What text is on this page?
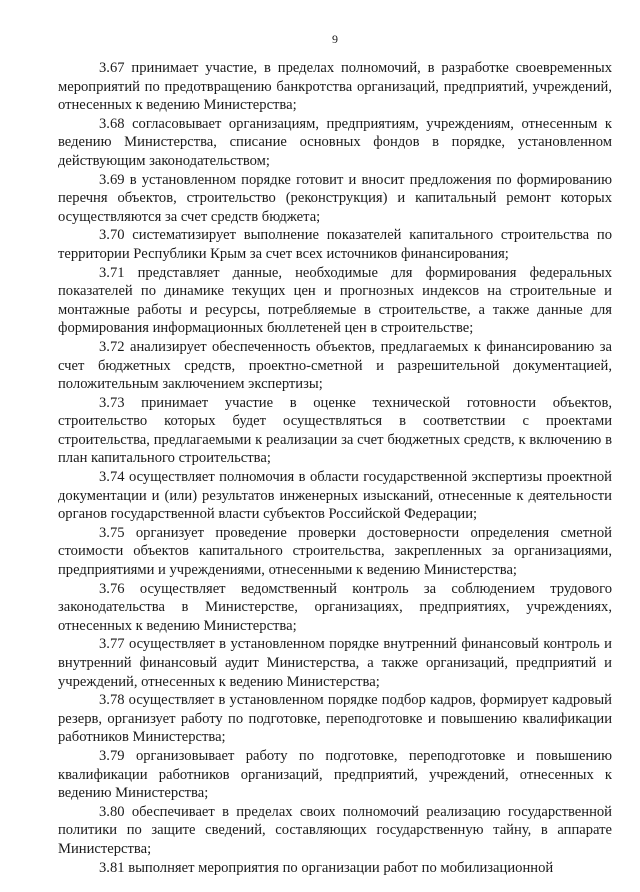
9

3.67 принимает участие, в пределах полномочий, в разработке своевременных мероприятий по предотвращению банкротства организаций, предприятий, учреждений, отнесенных к ведению Министерства;

3.68 согласовывает организациям, предприятиям, учреждениям, отнесенным к ведению Министерства, списание основных фондов в порядке, установленном действующим законодательством;

3.69 в установленном порядке готовит и вносит предложения по формированию перечня объектов, строительство (реконструкция) и капитальный ремонт которых осуществляются за счет средств бюджета;

3.70 систематизирует выполнение показателей капитального строительства по территории Республики Крым за счет всех источников финансирования;

3.71 представляет данные, необходимые для формирования федеральных показателей по динамике текущих цен и прогнозных индексов на строительные и монтажные работы и ресурсы, потребляемые в строительстве, а также данные для формирования информационных бюллетеней цен в строительстве;

3.72 анализирует обеспеченность объектов, предлагаемых к финансированию за счет бюджетных средств, проектно-сметной и разрешительной документацией, положительным заключением экспертизы;

3.73 принимает участие в оценке технической готовности объектов, строительство которых будет осуществляться в соответствии с проектами строительства, предлагаемыми к реализации за счет бюджетных средств, к включению в план капитального строительства;

3.74 осуществляет полномочия в области государственной экспертизы проектной документации и (или) результатов инженерных изысканий, отнесенные к деятельности органов государственной власти субъектов Российской Федерации;

3.75 организует проведение проверки достоверности определения сметной стоимости объектов капитального строительства, закрепленных за организациями, предприятиями и учреждениями, отнесенными к ведению Министерства;

3.76 осуществляет ведомственный контроль за соблюдением трудового законодательства в Министерстве, организациях, предприятиях, учреждениях, отнесенных к ведению Министерства;

3.77 осуществляет в установленном порядке внутренний финансовый контроль и внутренний финансовый аудит Министерства, а также организаций, предприятий и учреждений, отнесенных к ведению Министерства;

3.78 осуществляет в установленном порядке подбор кадров, формирует кадровый резерв, организует работу по подготовке, переподготовке и повышению квалификации работников Министерства;

3.79 организовывает работу по подготовке, переподготовке и повышению квалификации работников организаций, предприятий, учреждений, отнесенных к ведению Министерства;

3.80 обеспечивает в пределах своих полномочий реализацию государственной политики по защите сведений, составляющих государственную тайну, в аппарате Министерства;

3.81 выполняет мероприятия по организации работ по мобилизационной
